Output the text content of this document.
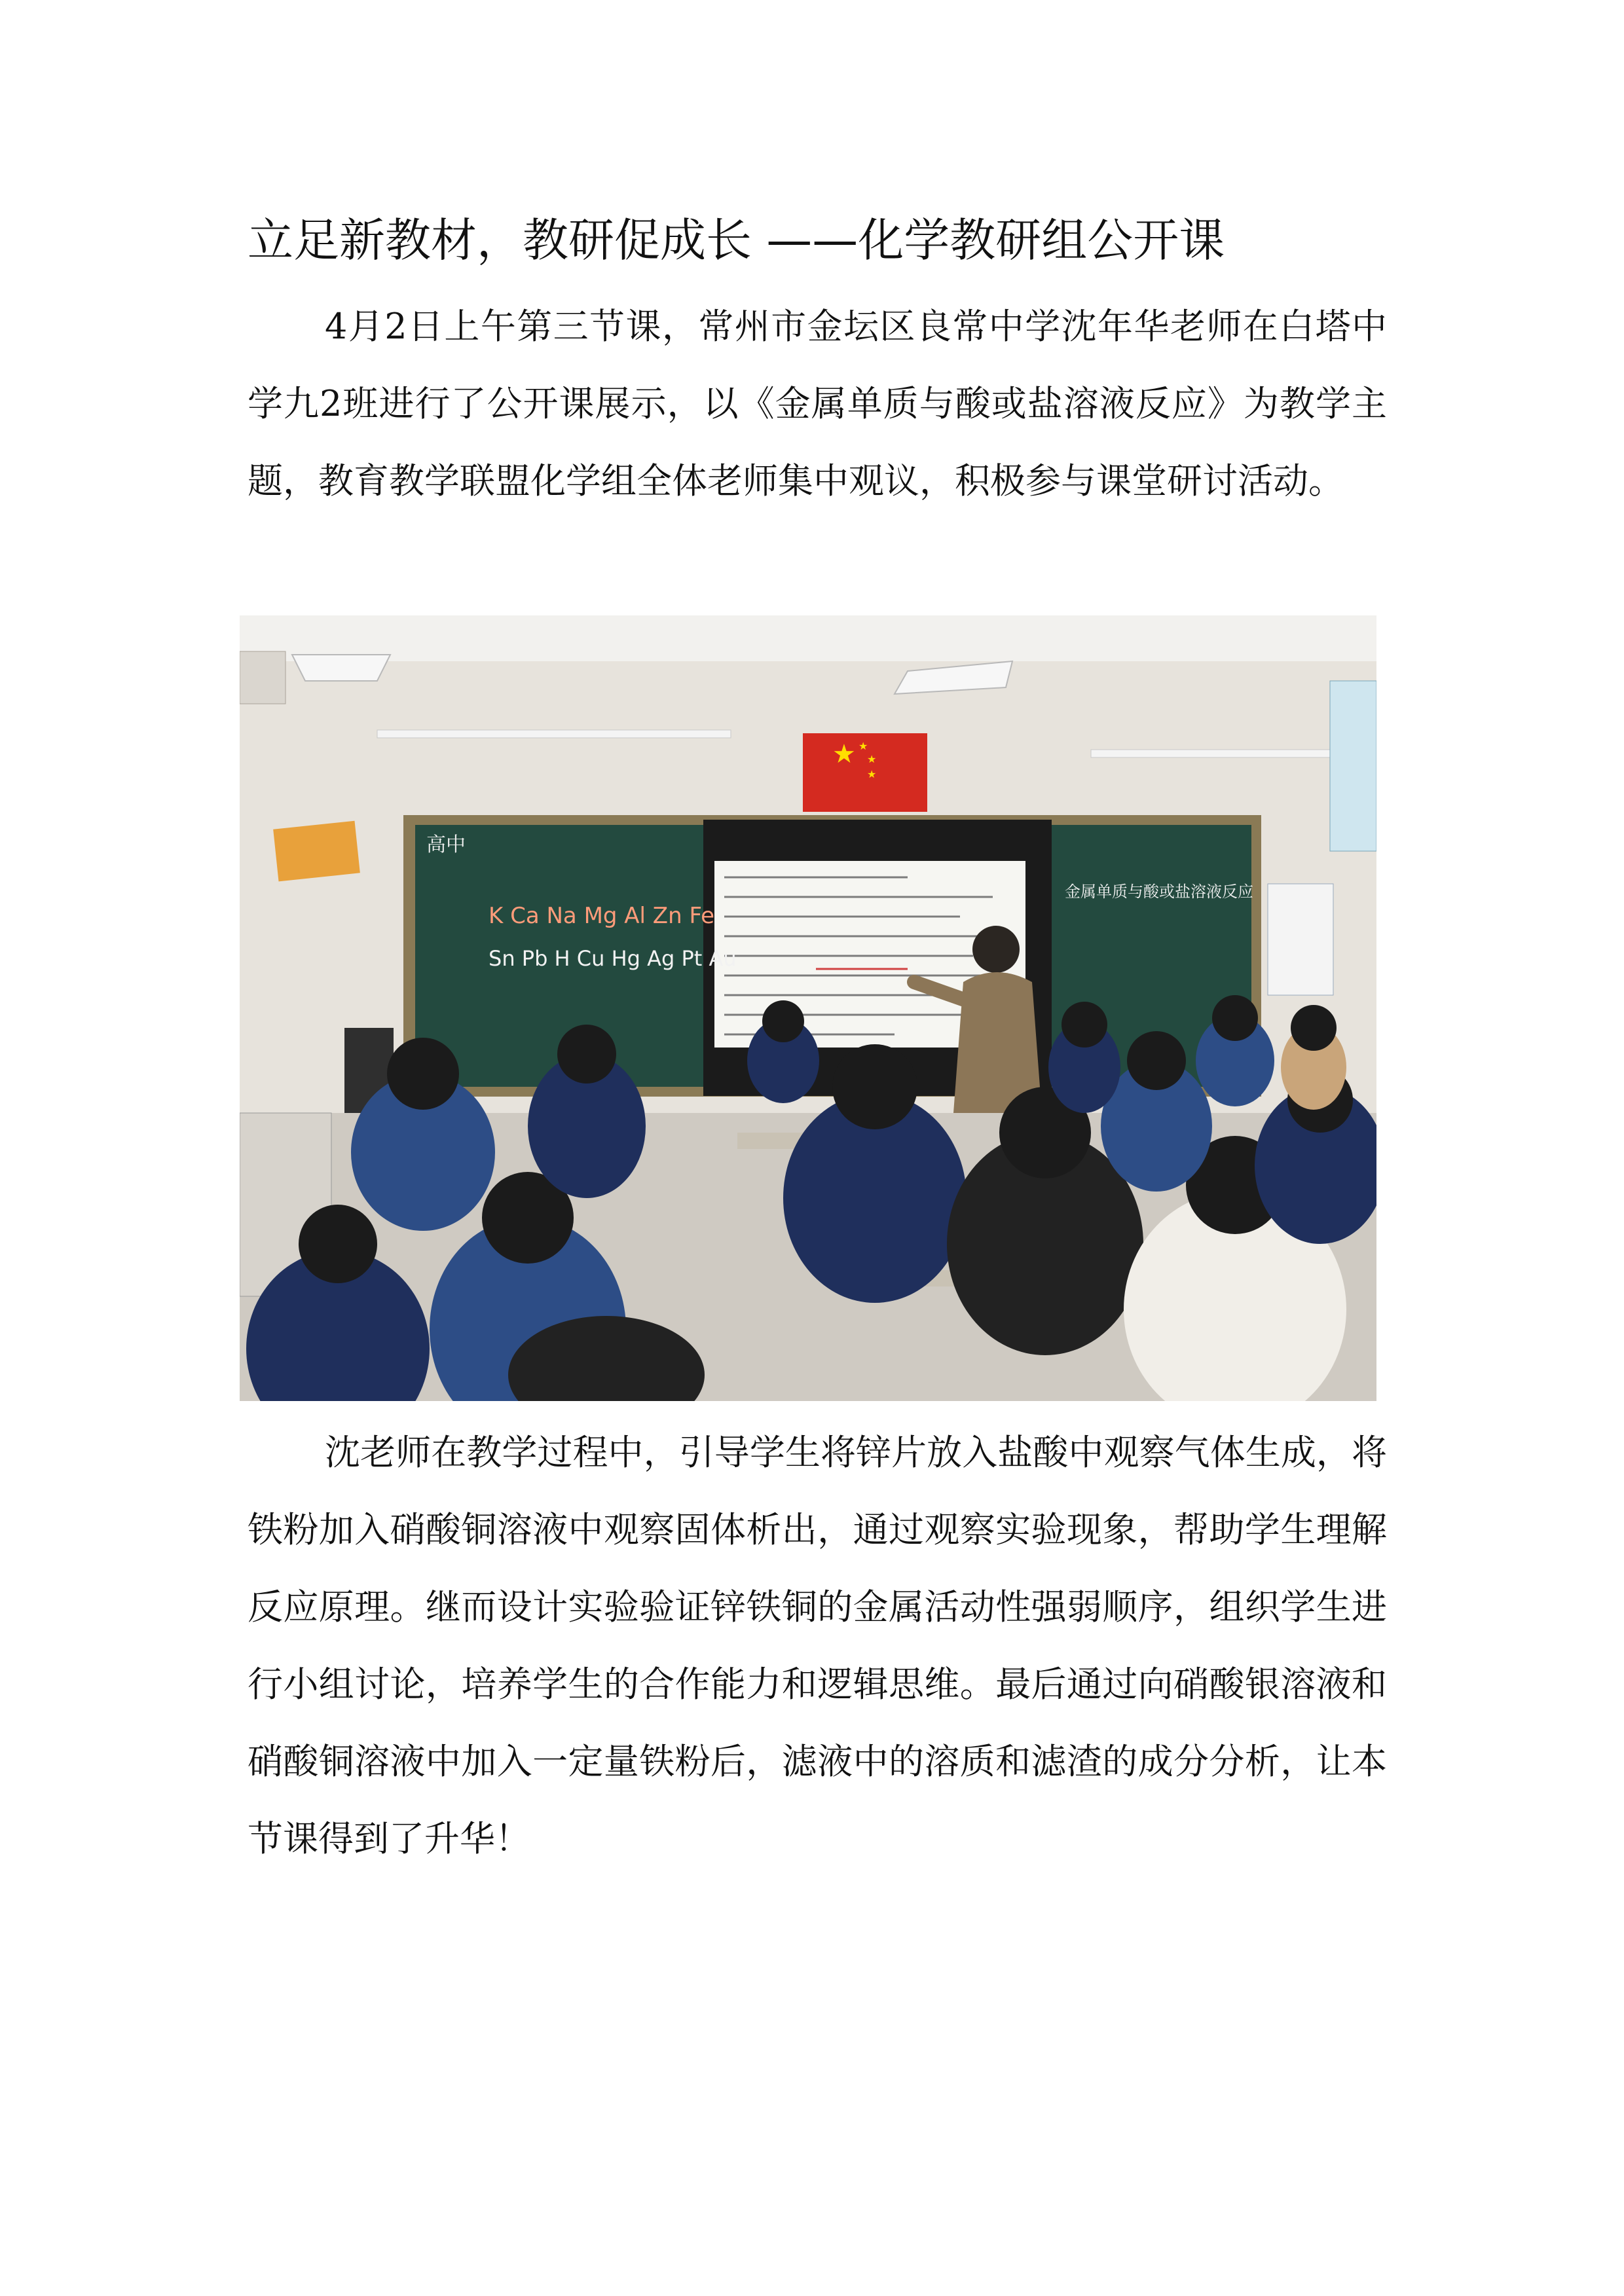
立足新教材，教研促成长 ——化学教研组公开课

4月2日上午第三节课，常州市金坛区良常中学沈年华老师在白塔中学九2班进行了公开课展示，以《金属单质与酸或盐溶液反应》为教学主题，教育教学联盟化学组全体老师集中观议，积极参与课堂研讨活动。

★ ★
★
★
高中
K Ca Na Mg Al Zn Fe
Sn Pb H Cu Hg Ag Pt Au
金属单质与酸或盐溶液反应

沈老师在教学过程中，引导学生将锌片放入盐酸中观察气体生成，将铁粉加入硝酸铜溶液中观察固体析出，通过观察实验现象，帮助学生理解反应原理。继而设计实验验证锌铁铜的金属活动性强弱顺序，组织学生进行小组讨论，培养学生的合作能力和逻辑思维。最后通过向硝酸银溶液和硝酸铜溶液中加入一定量铁粉后，滤液中的溶质和滤渣的成分分析，让本节课得到了升华！
